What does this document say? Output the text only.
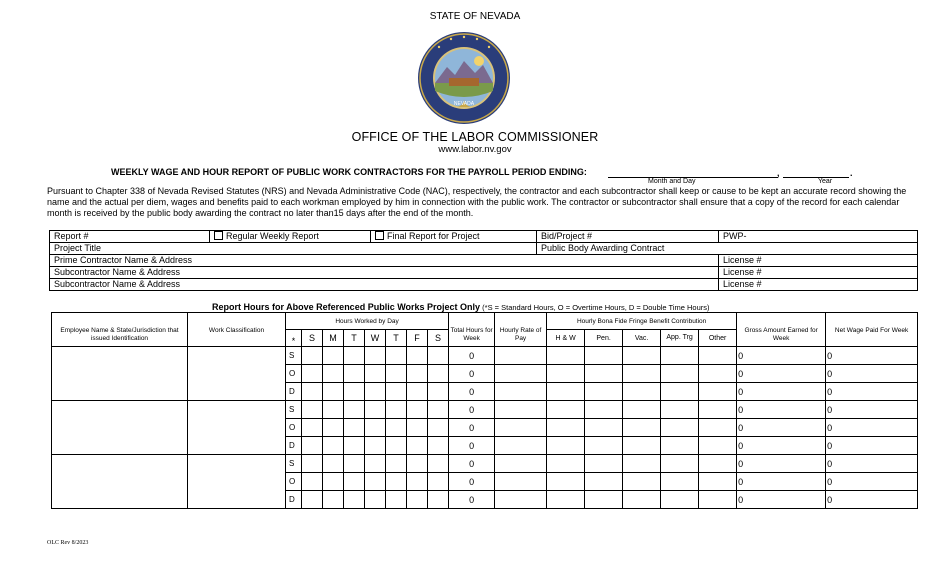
STATE OF NEVADA
NEVADA
OFFICE OF THE LABOR COMMISSIONER
www.labor.nv.gov
WEEKLY WAGE AND HOUR REPORT OF PUBLIC WORK CONTRACTORS FOR THE PAYROLL PERIOD ENDING:	,	.
Month and Day	Year
Pursuant to Chapter 338 of Nevada Revised Statutes (NRS) and Nevada Administrative Code (NAC), respectively, the contractor and each subcontractor shall keep or cause to be kept an accurate record showing the name and the actual per diem, wages and benefits paid to each workman employed by him in connection with the public work. The contractor or subcontractor shall ensure that a copy of the record for each calendar month is received by the public body awarding the contract no later than15 days after the end of the month.
Report #	Regular Weekly Report	Final Report for Project	Bid/Project #	PWP-
Project Title			Public Body Awarding Contract	
Prime Contractor Name & Address				License #
Subcontractor Name & Address				License #
Subcontractor Name & Address				License #
Report Hours for Above Referenced Public Works Project Only (*S = Standard Hours, O = Overtime Hours, D = Double Time Hours)
Employee Name & State/Jurisdiction that issued Identification	Work Classification	Hours Worked by Day								Total Hours for Week	Hourly Rate of Pay	Hourly Bona Fide Fringe Benefit Contribution					Gross Amount Earned for Week	Net Wage Paid For Week
		*	S	M	T	W	T	F	S			H & W	Pen.	Vac.	App. Trg	Other		
		S								0							0	0
		O								0							0	0
		D								0							0	0
		S								0							0	0
		O								0							0	0
		D								0							0	0
		S								0							0	0
		O								0							0	0
		D								0							0	0
OLC Rev 8/2023
